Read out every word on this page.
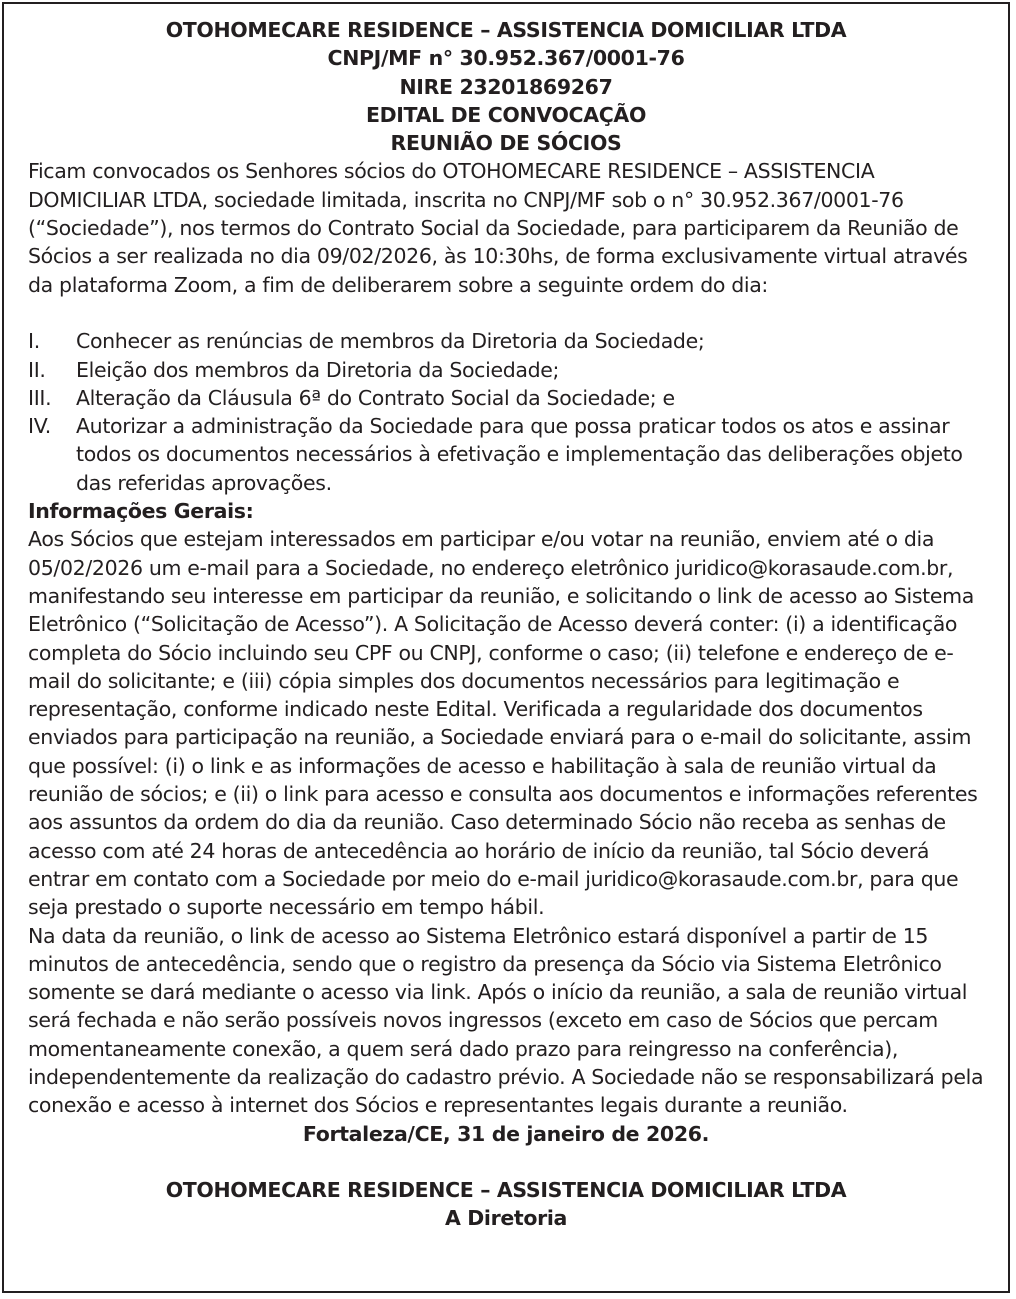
OTOHOMECARE RESIDENCE – ASSISTENCIA DOMICILIAR LTDA
CNPJ/MF n° 30.952.367/0001-76
NIRE 23201869267
EDITAL DE CONVOCAÇÃO
REUNIÃO DE SÓCIOS
Ficam convocados os Senhores sócios do OTOHOMECARE RESIDENCE – ASSISTENCIA DOMICILIAR LTDA, sociedade limitada, inscrita no CNPJ/MF sob o n° 30.952.367/0001-76 (“Sociedade”), nos termos do Contrato Social da Sociedade, para participarem da Reunião de Sócios a ser realizada no dia 09/02/2026, às 10:30hs, de forma exclusivamente virtual através da plataforma Zoom, a fim de deliberarem sobre a seguinte ordem do dia:
I.	Conhecer as renúncias de membros da Diretoria da Sociedade;
II.	Eleição dos membros da Diretoria da Sociedade;
III.	Alteração da Cláusula 6ª do Contrato Social da Sociedade; e
IV.	Autorizar a administração da Sociedade para que possa praticar todos os atos e assinar todos os documentos necessários à efetivação e implementação das deliberações objeto das referidas aprovações.
Informações Gerais:
Aos Sócios que estejam interessados em participar e/ou votar na reunião, enviem até o dia 05/02/2026 um e-mail para a Sociedade, no endereço eletrônico juridico@korasaude.com.br, manifestando seu interesse em participar da reunião, e solicitando o link de acesso ao Sistema Eletrônico (“Solicitação de Acesso”). A Solicitação de Acesso deverá conter: (i) a identificação completa do Sócio incluindo seu CPF ou CNPJ, conforme o caso; (ii) telefone e endereço de e-mail do solicitante; e (iii) cópia simples dos documentos necessários para legitimação e representação, conforme indicado neste Edital. Verificada a regularidade dos documentos enviados para participação na reunião, a Sociedade enviará para o e-mail do solicitante, assim que possível: (i) o link e as informações de acesso e habilitação à sala de reunião virtual da reunião de sócios; e (ii) o link para acesso e consulta aos documentos e informações referentes aos assuntos da ordem do dia da reunião. Caso determinado Sócio não receba as senhas de acesso com até 24 horas de antecedência ao horário de início da reunião, tal Sócio deverá entrar em contato com a Sociedade por meio do e-mail juridico@korasaude.com.br, para que seja prestado o suporte necessário em tempo hábil.
Na data da reunião, o link de acesso ao Sistema Eletrônico estará disponível a partir de 15 minutos de antecedência, sendo que o registro da presença da Sócio via Sistema Eletrônico somente se dará mediante o acesso via link. Após o início da reunião, a sala de reunião virtual será fechada e não serão possíveis novos ingressos (exceto em caso de Sócios que percam momentaneamente conexão, a quem será dado prazo para reingresso na conferência), independentemente da realização do cadastro prévio. A Sociedade não se responsabilizará pela conexão e acesso à internet dos Sócios e representantes legais durante a reunião.
Fortaleza/CE, 31 de janeiro de 2026.
OTOHOMECARE RESIDENCE – ASSISTENCIA DOMICILIAR LTDA
A Diretoria
